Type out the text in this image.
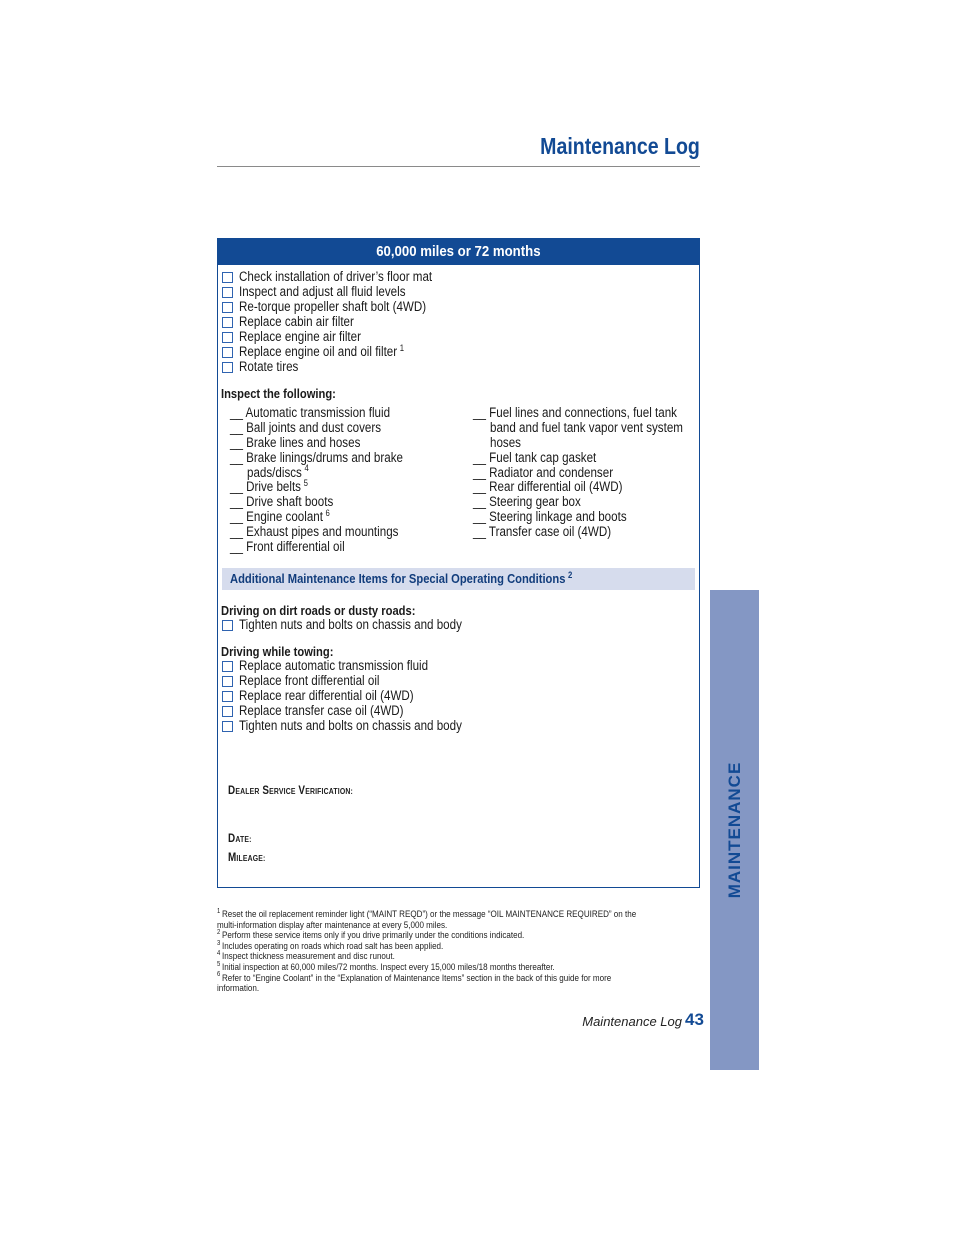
Maintenance Log
60,000 miles or 72 months
Check installation of driver’s floor mat
Inspect and adjust all fluid levels
Re-torque propeller shaft bolt (4WD)
Replace cabin air filter
Replace engine air filter
Replace engine oil and oil filter $^1$
Rotate tires
Inspect the following:
__ Automatic transmission fluid
__ Ball joints and dust covers
__ Brake lines and hoses
__ Brake linings/drums and brake
pads/discs $^4$
__ Drive belts $^5$
__ Drive shaft boots
__ Engine coolant $^6$
__ Exhaust pipes and mountings
__ Front differential oil
__ Fuel lines and connections, fuel tank
band and fuel tank vapor vent system
hoses
__ Fuel tank cap gasket
__ Radiator and condenser
__ Rear differential oil (4WD)
__ Steering gear box
__ Steering linkage and boots
__ Transfer case oil (4WD)
Additional Maintenance Items for Special Operating Conditions $^2$
Driving on dirt roads or dusty roads:
Tighten nuts and bolts on chassis and body
Driving while towing:
Replace automatic transmission fluid
Replace front differential oil
Replace rear differential oil (4WD)
Replace transfer case oil (4WD)
Tighten nuts and bolts on chassis and body
DEALER SERVICE VERIFICATION:
DATE:
MILEAGE:
$^1$ Reset the oil replacement reminder light (“MAINT REQD”) or the message “OIL MAINTENANCE REQUIRED” on the
multi-information display after maintenance at every 5,000 miles.
$^2$ Perform these service items only if you drive primarily under the conditions indicated.
$^3$ Includes operating on roads which road salt has been applied.
$^4$ Inspect thickness measurement and disc runout.
$^5$ Initial inspection at 60,000 miles/72 months. Inspect every 15,000 miles/18 months thereafter.
$^6$ Refer to “Engine Coolant” in the “Explanation of Maintenance Items” section in the back of this guide for more
information.
Maintenance Log 43
MAINTENANCE
